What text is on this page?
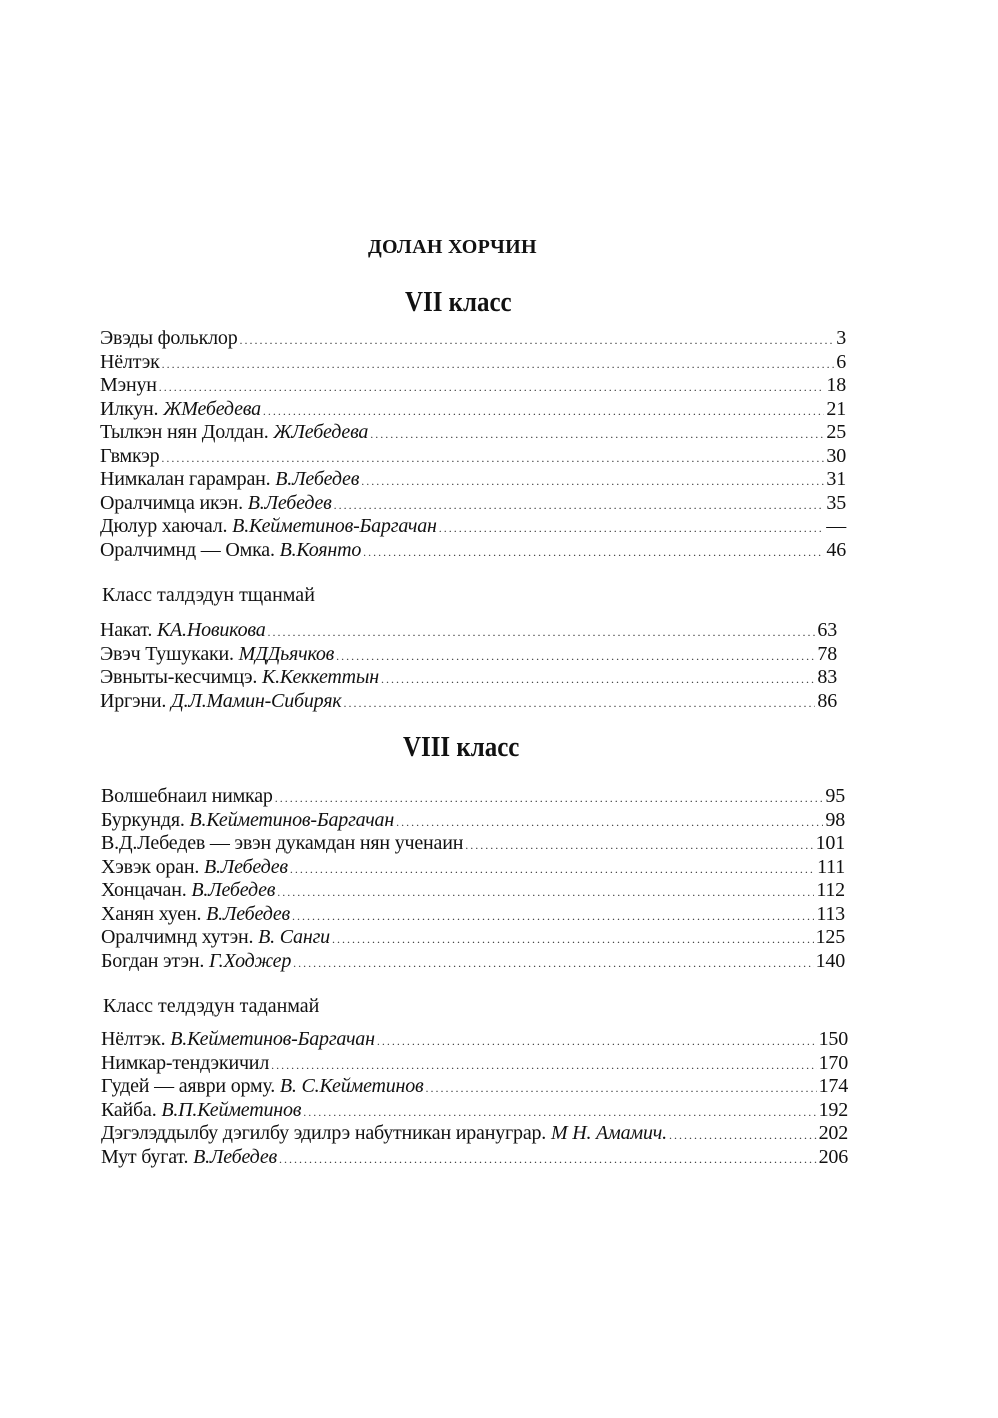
ДОЛАН ХОРЧИН
VII класс
Эвэды фольклор .....	3
Нёлтэк .....	6
Мэнун .....	18
Илкун. ЖМебедева .....	21
Тылкэн нян Долдан. ЖЛебедева .....	25
Гвмкэр .....	30
Нимкалан гарамран. В.Лебедев .....	31
Оралчимца икэн. В.Лебедев .....	35
Дюлур хаючал. В.Кейметинов-Баргачан .....	—
Оралчимнд — Омка. В.Коянто .....	46
Класс талдэдун тщанмай
Накат. КА.Новикова .....	63
Эвэч Тушукаки. МДДьячков .....	78
Эвныты-кесчимцэ. К.Кеккеттын .....	83
Иргэни. Д.Л.Мамин-Сибиряк .....	86
VIII класс
Волшебнаил нимкар .....	95
Буркундя. В.Кейметинов-Баргачан .....	98
В.Д.Лебедев — эвэн дукамдан нян ученаин .....	101
Хэвэк оран. В.Лебедев .....	111
Хонцачан. В.Лебедев .....	112
Ханян хуен. В.Лебедев .....	113
Оралчимнд хутэн. В. Санги .....	125
Богдан этэн. Г.Ходжер .....	140
Класс телдэдун таданмай
Нёлтэк. В.Кейметинов-Баргачан .....	150
Нимкар-тендэкичил .....	170
Гудей — аяври орму. В. С.Кейметинов .....	174
Кайба. В.П.Кейметинов .....	192
Дэгэлэддылбу дэгилбу эдилрэ набутникан ирануграр. М Н. Амамич. .....	202
Мут бугат. В.Лебедев .....	206
